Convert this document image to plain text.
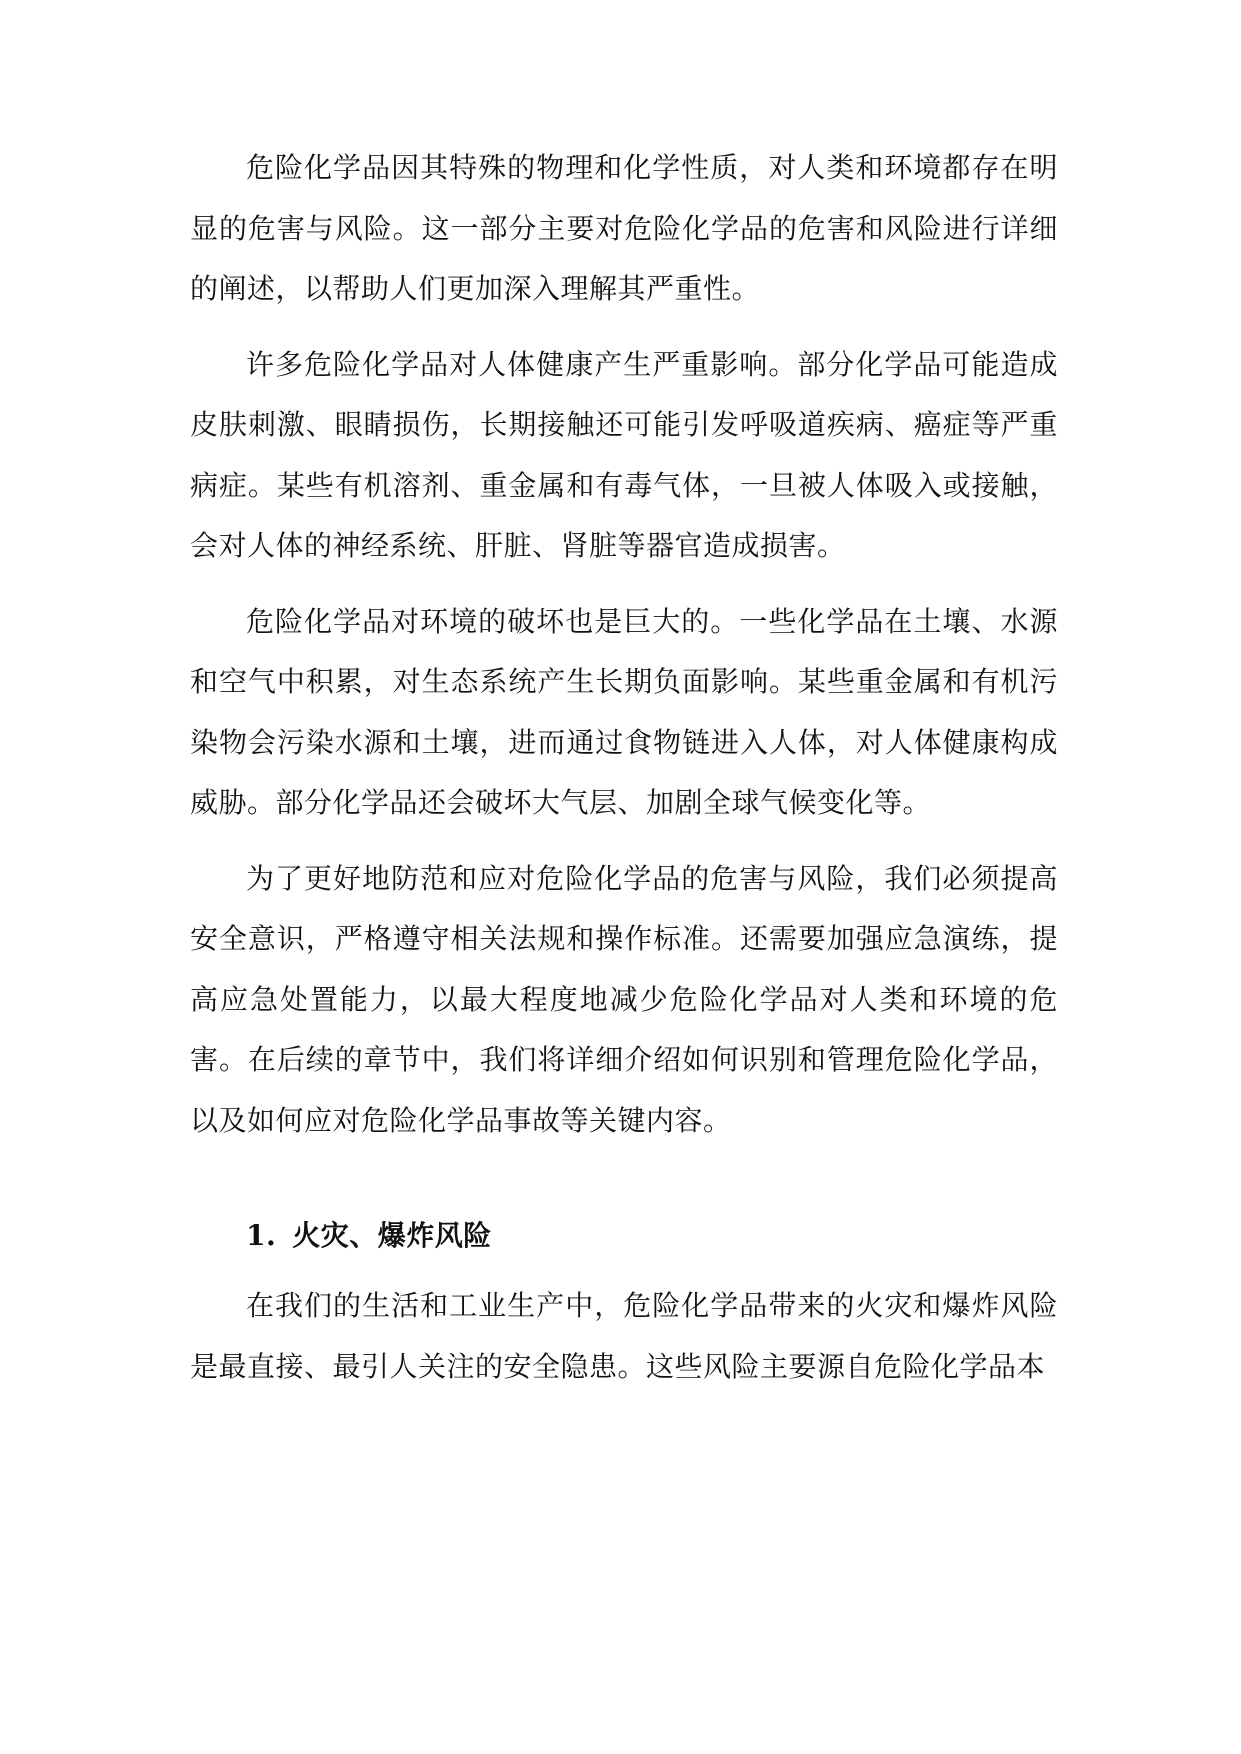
危险化学品因其特殊的物理和化学性质，对人类和环境都存在明显的危害与风险。这一部分主要对危险化学品的危害和风险进行详细的阐述，以帮助人们更加深入理解其严重性。

许多危险化学品对人体健康产生严重影响。部分化学品可能造成皮肤刺激、眼睛损伤，长期接触还可能引发呼吸道疾病、癌症等严重病症。某些有机溶剂、重金属和有毒气体，一旦被人体吸入或接触，会对人体的神经系统、肝脏、肾脏等器官造成损害。

危险化学品对环境的破坏也是巨大的。一些化学品在土壤、水源和空气中积累，对生态系统产生长期负面影响。某些重金属和有机污染物会污染水源和土壤，进而通过食物链进入人体，对人体健康构成威胁。部分化学品还会破坏大气层、加剧全球气候变化等。

为了更好地防范和应对危险化学品的危害与风险，我们必须提高安全意识，严格遵守相关法规和操作标准。还需要加强应急演练，提高应急处置能力，以最大程度地减少危险化学品对人类和环境的危害。在后续的章节中，我们将详细介绍如何识别和管理危险化学品，以及如何应对危险化学品事故等关键内容。

1. 火灾、爆炸风险

在我们的生活和工业生产中，危险化学品带来的火灾和爆炸风险是最直接、最引人关注的安全隐患。这些风险主要源自危险化学品本
